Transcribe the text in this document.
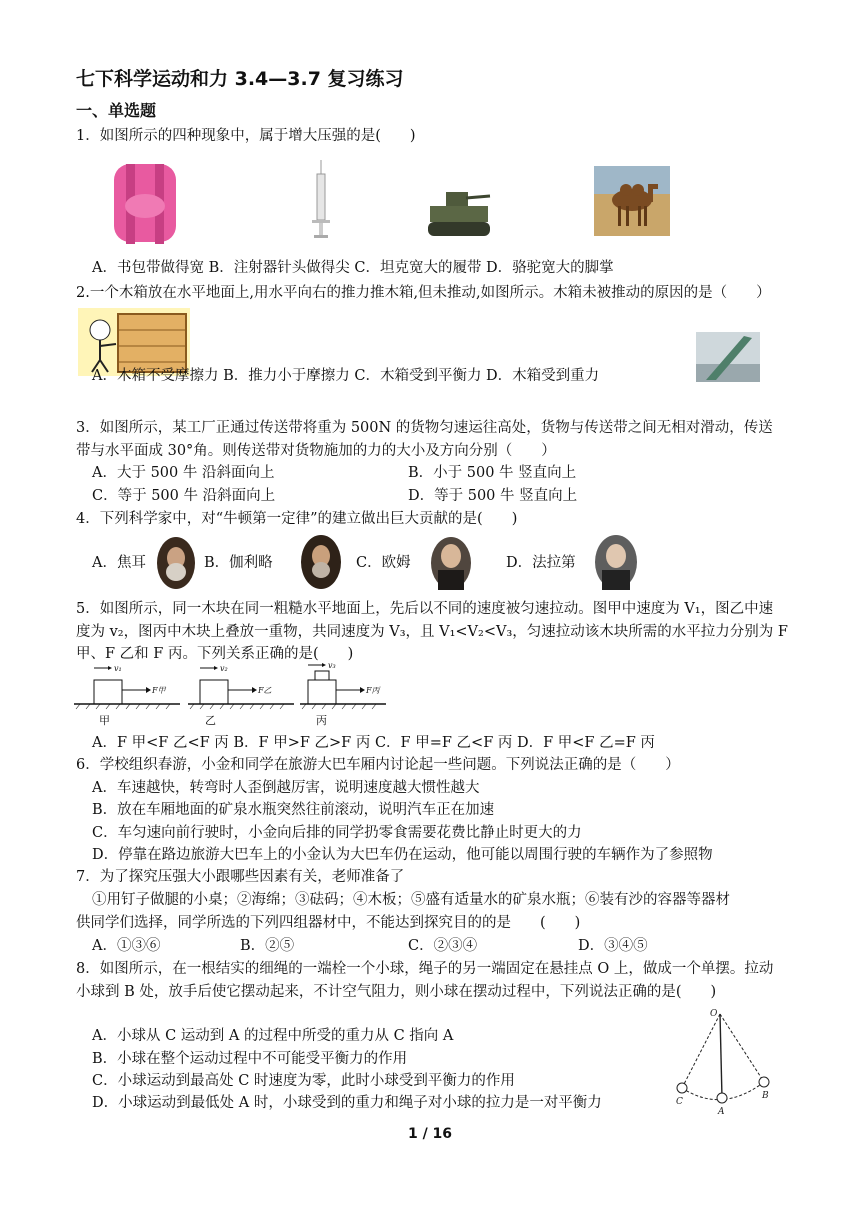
七下科学运动和力 3.4—3.7 复习练习
一、单选题
1．如图所示的四种现象中，属于增大压强的是(　　)
A．书包带做得宽 B．注射器针头做得尖 C．坦克宽大的履带 D．骆驼宽大的脚掌
2.一个木箱放在水平地面上,用水平向右的推力推木箱,但未推动,如图所示。木箱未被推动的原因的是（　　）
A．木箱不受摩擦力 B．推力小于摩擦力 C．木箱受到平衡力 D．木箱受到重力
3．如图所示，某工厂正通过传送带将重为 500N 的货物匀速运往高处，货物与传送带之间无相对滑动，传送
带与水平面成 30°角。则传送带对货物施加的力的大小及方向分别（　　）
A．大于 500 牛 沿斜面向上	B．小于 500 牛 竖直向上
C．等于 500 牛 沿斜面向上	D．等于 500 牛 竖直向上
4．下列科学家中，对“牛顿第一定律”的建立做出巨大贡献的是(　　)
A．焦耳	B．伽利略	C．欧姆	D．法拉第
5．如图所示，同一木块在同一粗糙水平地面上，先后以不同的速度被匀速拉动。图甲中速度为 V₁，图乙中速
度为 v₂，图丙中木块上叠放一重物，共同速度为 V₃，且 V₁<V₂<V₃，匀速拉动该木块所需的水平拉力分别为 F
甲、F 乙和 F 丙。下列关系正确的是(　　)
v₁	v₂	v₃
F甲	F乙	F丙
甲	乙	丙
A．F 甲<F 乙<F 丙 B．F 甲>F 乙>F 丙 C．F 甲=F 乙<F 丙 D．F 甲<F 乙=F 丙
6．学校组织春游，小金和同学在旅游大巴车厢内讨论起一些问题。下列说法正确的是（　　）
A．车速越快，转弯时人歪倒越厉害，说明速度越大惯性越大
B．放在车厢地面的矿泉水瓶突然往前滚动，说明汽车正在加速
C．车匀速向前行驶时，小金向后排的同学扔零食需要花费比静止时更大的力
D．停靠在路边旅游大巴车上的小金认为大巴车仍在运动，他可能以周围行驶的车辆作为了参照物
7．为了探究压强大小跟哪些因素有关，老师准备了
①用钉子做腿的小桌；②海绵；③砝码；④木板；⑤盛有适量水的矿泉水瓶；⑥装有沙的容器等器材
供同学们选择，同学所选的下列四组器材中，不能达到探究目的的是　　(　　)
A．①③⑥	B．②⑤	C．②③④	D．③④⑤
8．如图所示，在一根结实的细绳的一端栓一个小球，绳子的另一端固定在悬挂点 O 上，做成一个单摆。拉动
小球到 B 处，放手后使它摆动起来，不计空气阻力，则小球在摆动过程中，下列说法正确的是(　　)
A．小球从 C 运动到 A 的过程中所受的重力从 C 指向 A
B．小球在整个运动过程中不可能受平衡力的作用
C．小球运动到最高处 C 时速度为零，此时小球受到平衡力的作用
D．小球运动到最低处 A 时，小球受到的重力和绳子对小球的拉力是一对平衡力
O
C
A
B
1 / 16
